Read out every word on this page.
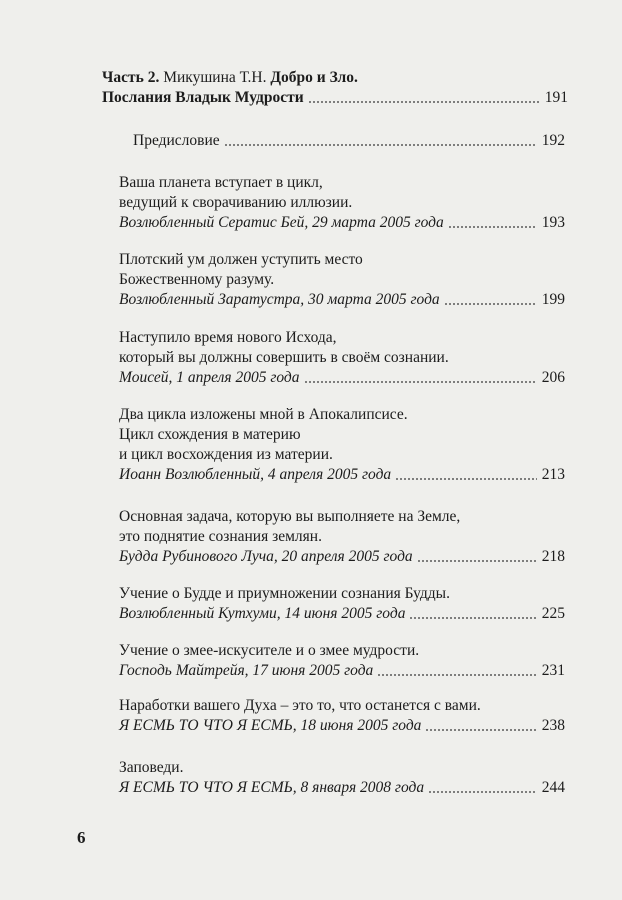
Часть 2. Микушина Т.Н. Добро и Зло.
Послания Владык Мудрости	191
Предисловие	192
Ваша планета вступает в цикл,
ведущий к сворачиванию иллюзии.
Возлюбленный Сератис Бей, 29 марта 2005 года	193
Плотский ум должен уступить место
Божественному разуму.
Возлюбленный Заратустра, 30 марта 2005 года	199
Наступило время нового Исхода,
который вы должны совершить в своём сознании.
Моисей, 1 апреля 2005 года	206
Два цикла изложены мной в Апокалипсисе.
Цикл схождения в материю
и цикл восхождения из материи.
Иоанн Возлюбленный, 4 апреля 2005 года	213
Основная задача, которую вы выполняете на Земле,
это поднятие сознания землян.
Будда Рубинового Луча, 20 апреля 2005 года	218
Учение о Будде и приумножении сознания Будды.
Возлюбленный Кутхуми, 14 июня 2005 года	225
Учение о змее-искусителе и о змее мудрости.
Господь Майтрейя, 17 июня 2005 года	231
Наработки вашего Духа – это то, что останется с вами.
Я ЕСМЬ ТО ЧТО Я ЕСМЬ, 18 июня 2005 года	238
Заповеди.
Я ЕСМЬ ТО ЧТО Я ЕСМЬ, 8 января 2008 года	244
6
